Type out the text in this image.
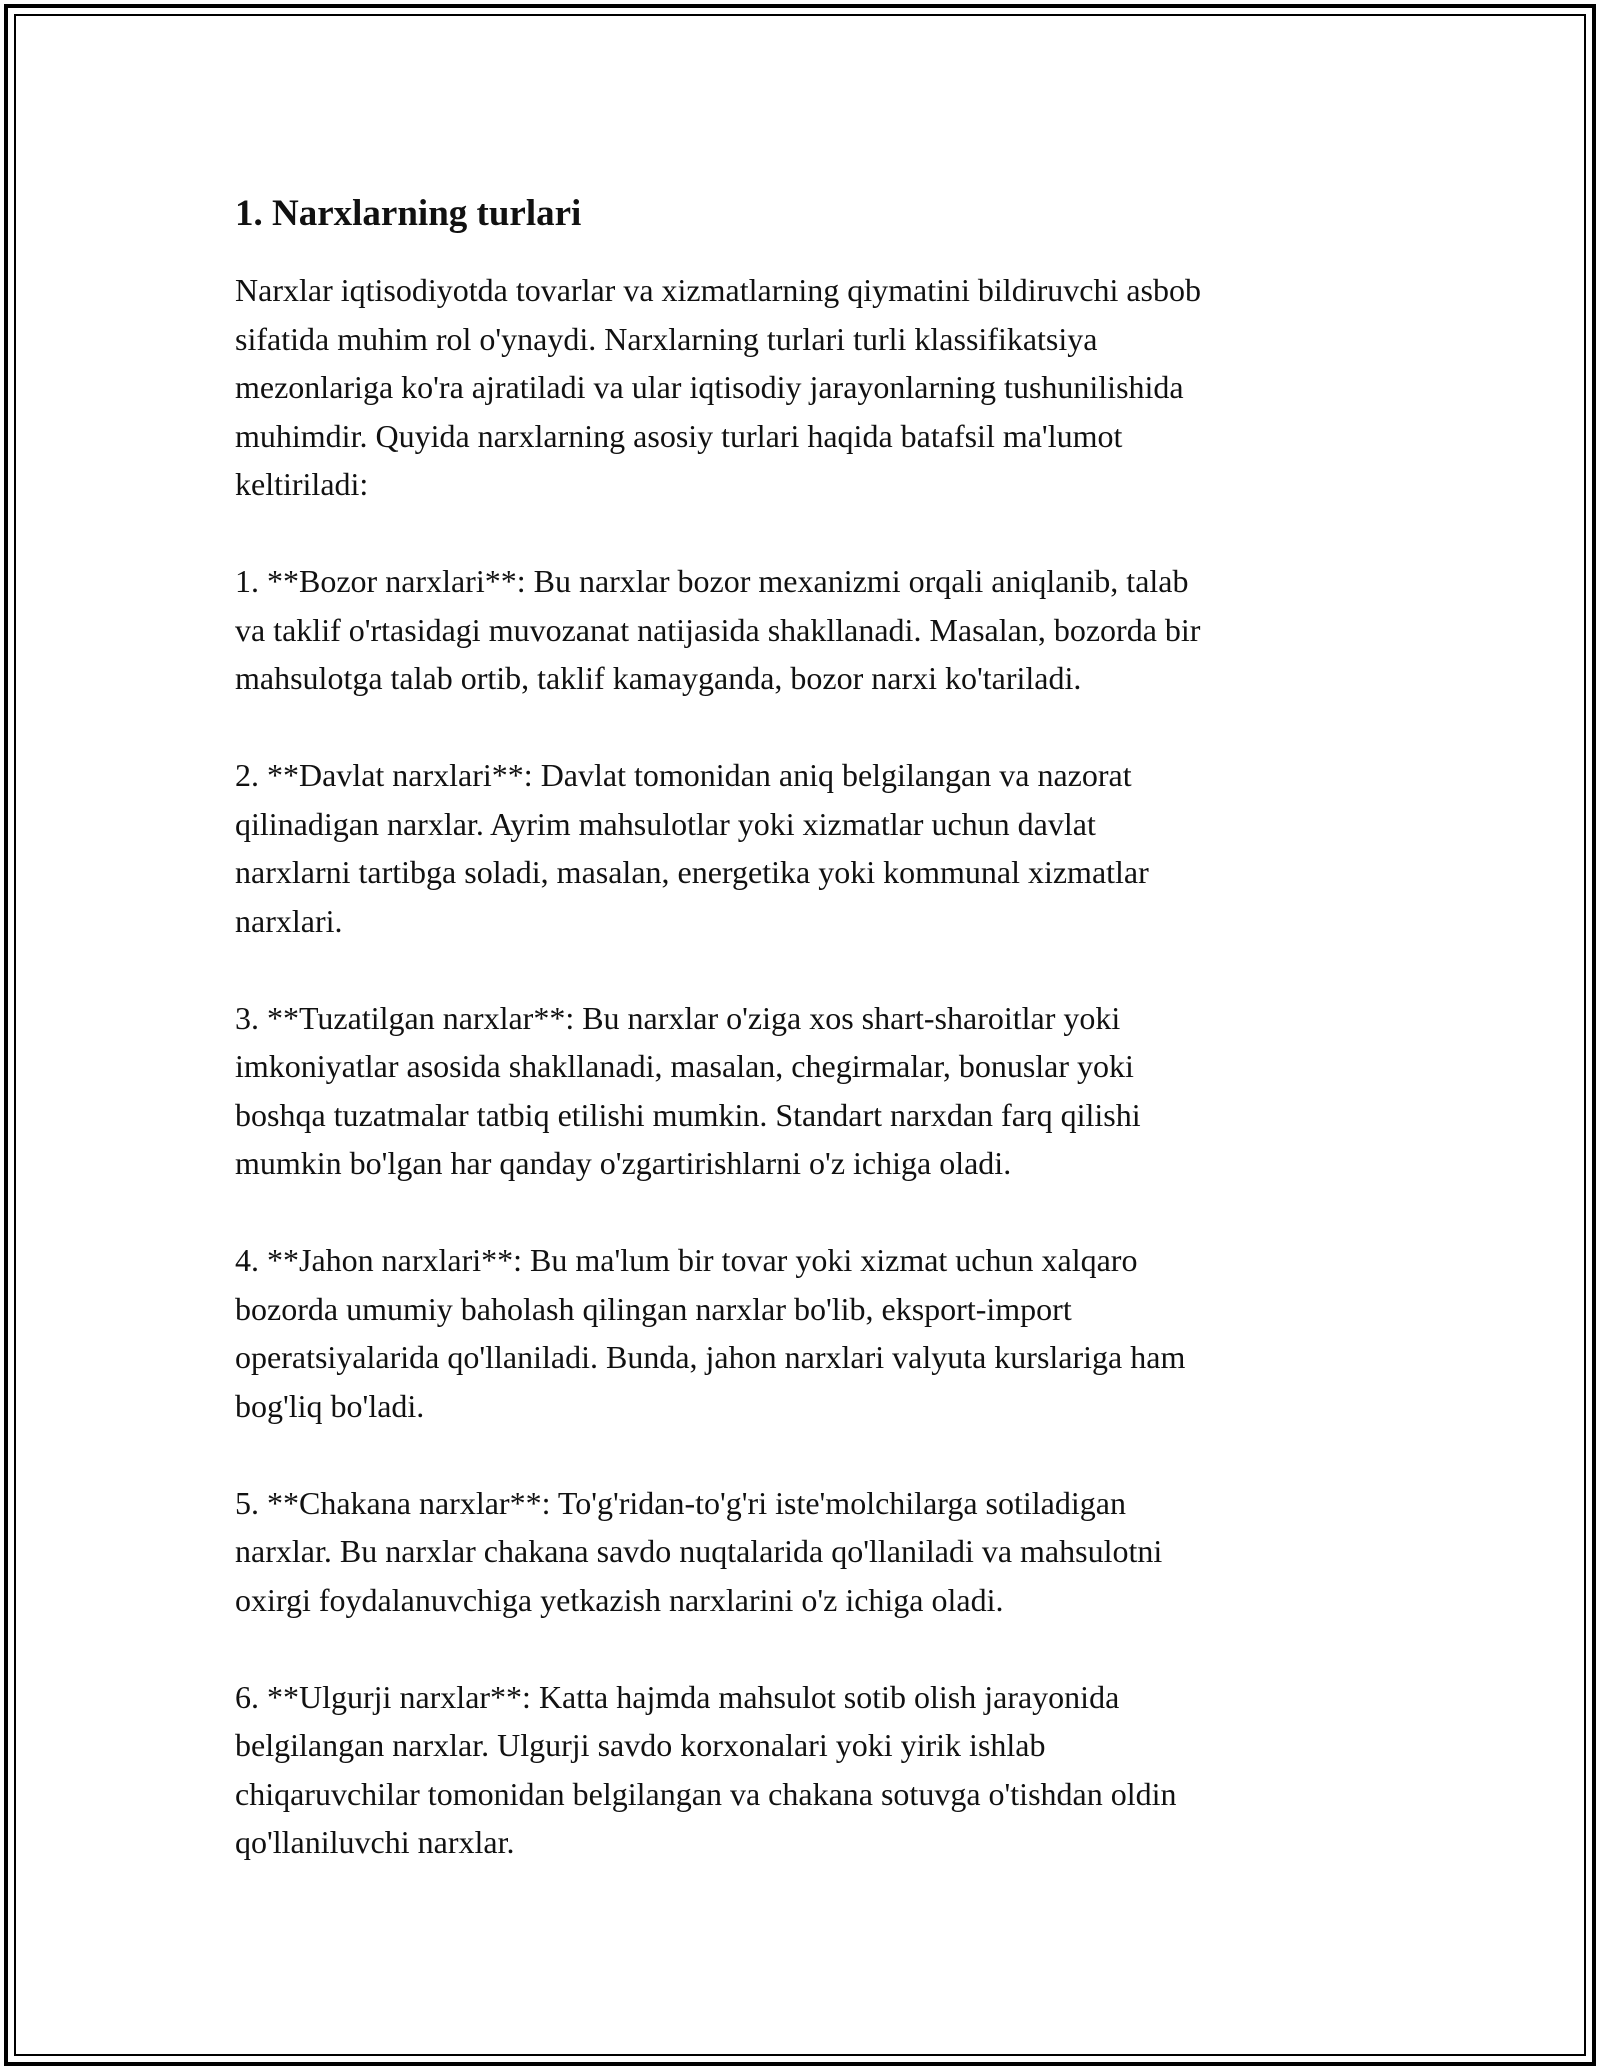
1. Narxlarning turlari

Narxlar iqtisodiyotda tovarlar va xizmatlarning qiymatini bildiruvchi asbob
sifatida muhim rol o'ynaydi. Narxlarning turlari turli klassifikatsiya
mezonlariga ko'ra ajratiladi va ular iqtisodiy jarayonlarning tushunilishida
muhimdir. Quyida narxlarning asosiy turlari haqida batafsil ma'lumot
keltiriladi:

1. **Bozor narxlari**: Bu narxlar bozor mexanizmi orqali aniqlanib, talab
va taklif o'rtasidagi muvozanat natijasida shakllanadi. Masalan, bozorda bir
mahsulotga talab ortib, taklif kamayganda, bozor narxi ko'tariladi.

2. **Davlat narxlari**: Davlat tomonidan aniq belgilangan va nazorat
qilinadigan narxlar. Ayrim mahsulotlar yoki xizmatlar uchun davlat
narxlarni tartibga soladi, masalan, energetika yoki kommunal xizmatlar
narxlari.

3. **Tuzatilgan narxlar**: Bu narxlar o'ziga xos shart-sharoitlar yoki
imkoniyatlar asosida shakllanadi, masalan, chegirmalar, bonuslar yoki
boshqa tuzatmalar tatbiq etilishi mumkin. Standart narxdan farq qilishi
mumkin bo'lgan har qanday o'zgartirishlarni o'z ichiga oladi.

4. **Jahon narxlari**: Bu ma'lum bir tovar yoki xizmat uchun xalqaro
bozorda umumiy baholash qilingan narxlar bo'lib, eksport-import
operatsiyalarida qo'llaniladi. Bunda, jahon narxlari valyuta kurslariga ham
bog'liq bo'ladi.

5. **Chakana narxlar**: To'g'ridan-to'g'ri iste'molchilarga sotiladigan
narxlar. Bu narxlar chakana savdo nuqtalarida qo'llaniladi va mahsulotni
oxirgi foydalanuvchiga yetkazish narxlarini o'z ichiga oladi.

6. **Ulgurji narxlar**: Katta hajmda mahsulot sotib olish jarayonida
belgilangan narxlar. Ulgurji savdo korxonalari yoki yirik ishlab
chiqaruvchilar tomonidan belgilangan va chakana sotuvga o'tishdan oldin
qo'llaniluvchi narxlar.
